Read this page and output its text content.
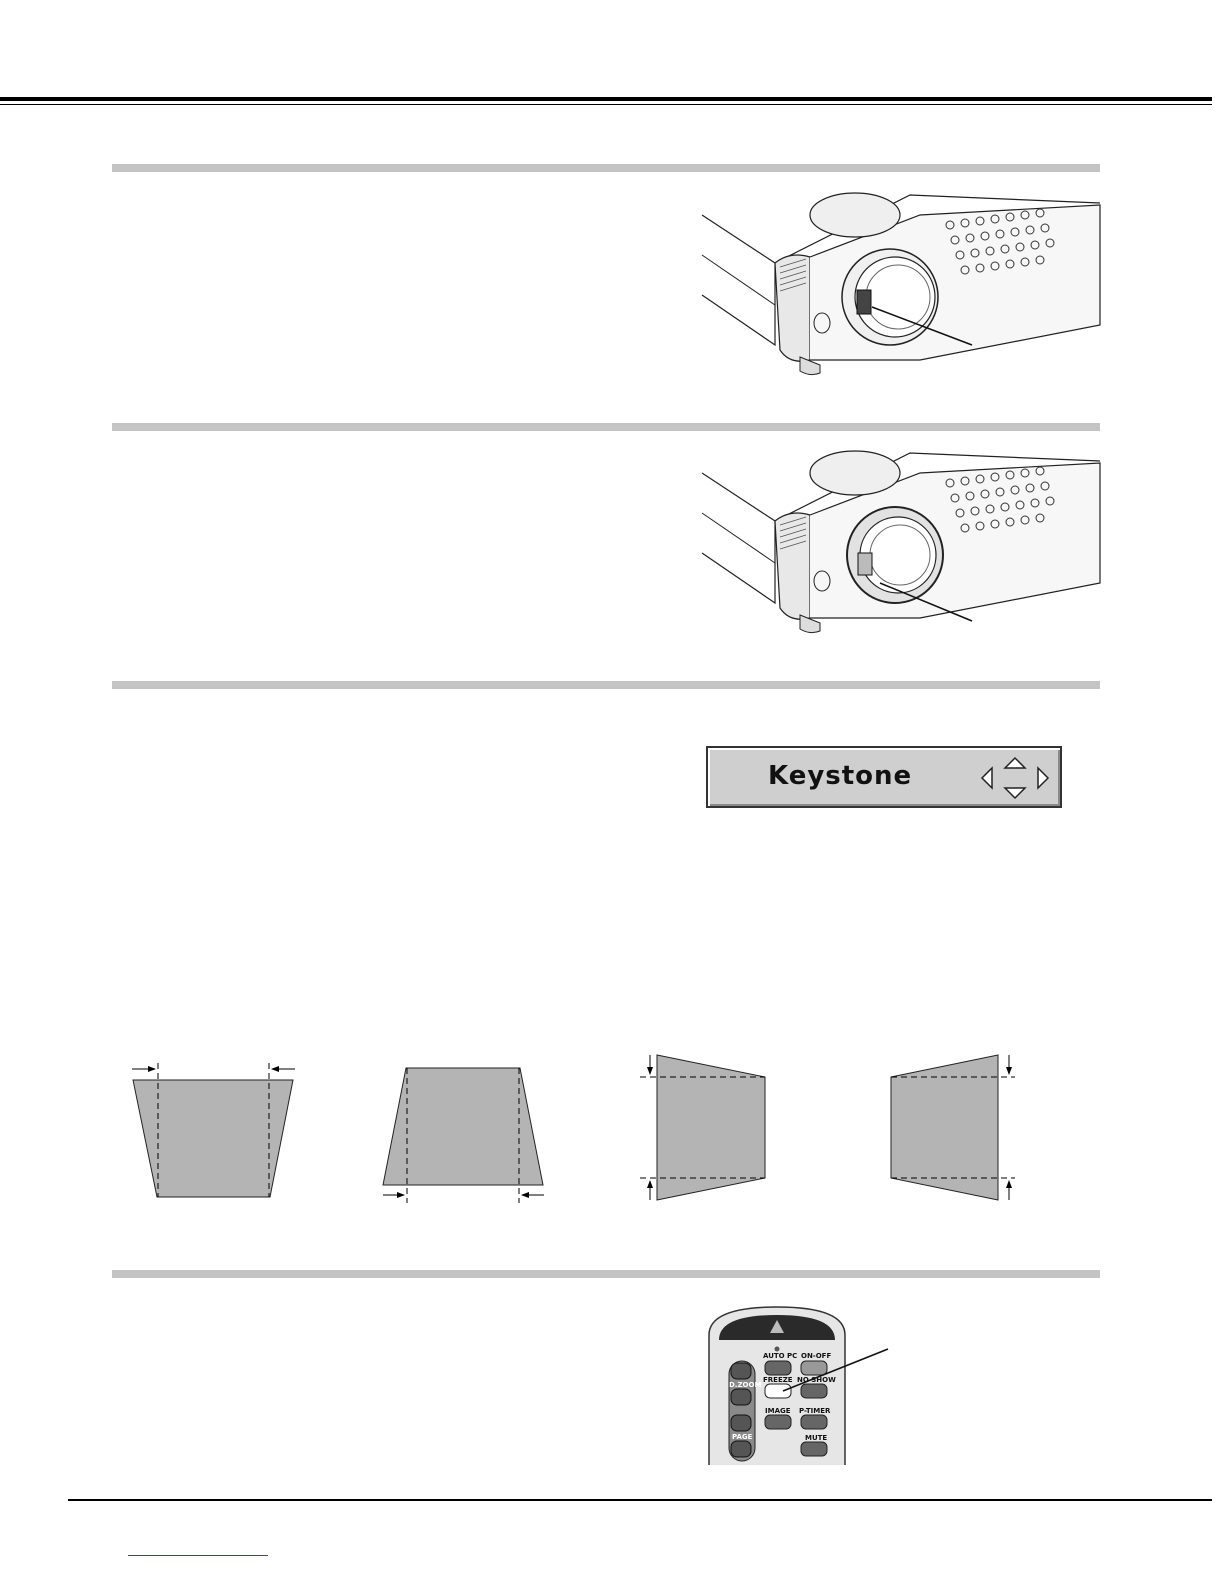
Keystone
AUTO PC ON-OFF
D.ZOOM
FREEZE NO SHOW
IMAGE P-TIMER
PAGE	MUTE
